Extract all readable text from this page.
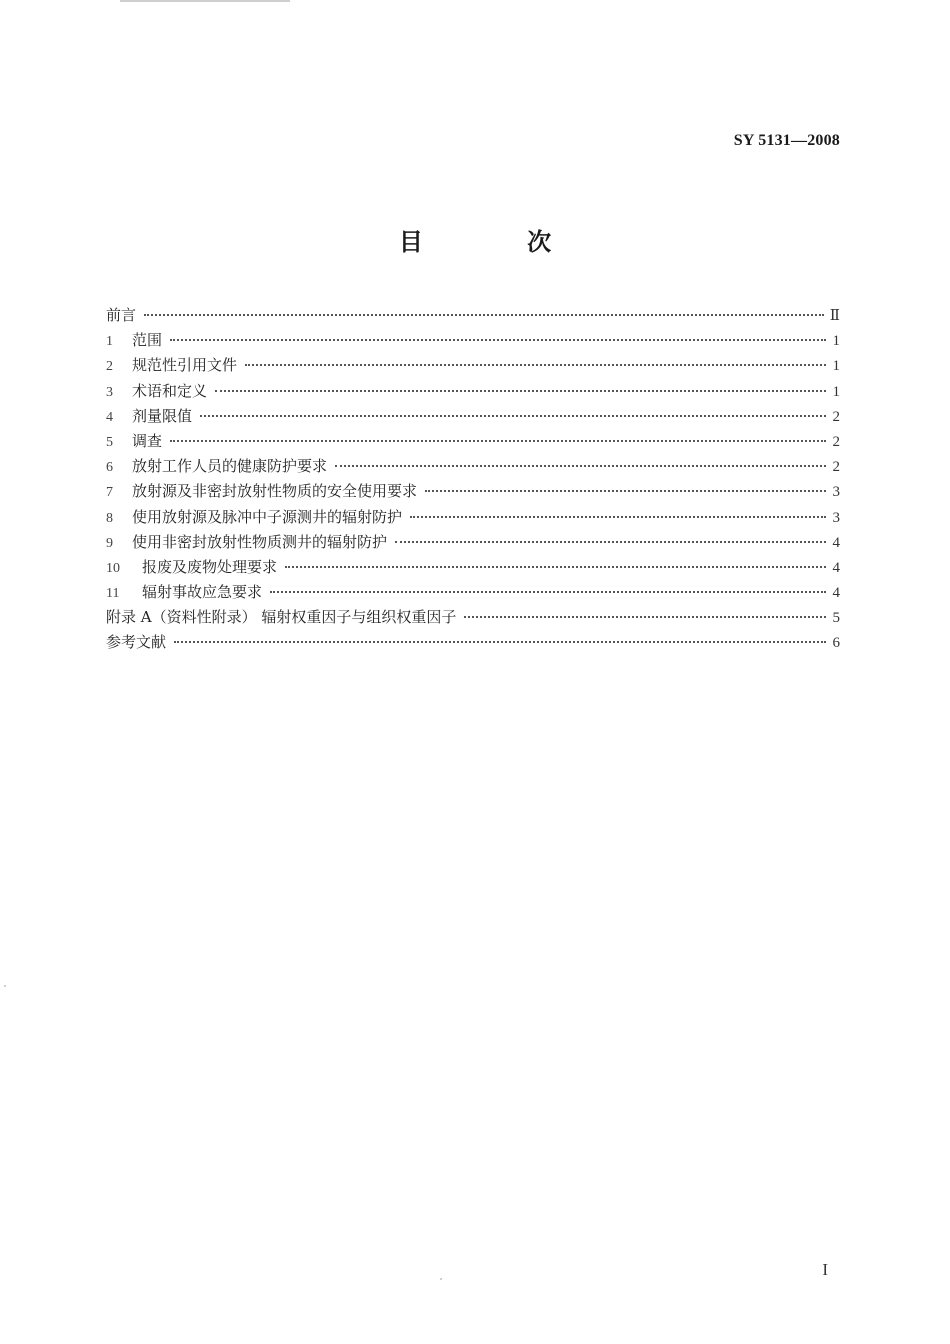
SY 5131—2008
目 次
前言	Ⅱ
1	范围	1
2	规范性引用文件	1
3	术语和定义	1
4	剂量限值	2
5	调查	2
6	放射工作人员的健康防护要求	2
7	放射源及非密封放射性物质的安全使用要求	3
8	使用放射源及脉冲中子源测井的辐射防护	3
9	使用非密封放射性物质测井的辐射防护	4
10	报废及废物处理要求	4
11	辐射事故应急要求	4
附录 A（资料性附录） 辐射权重因子与组织权重因子	5
参考文献	6
I
